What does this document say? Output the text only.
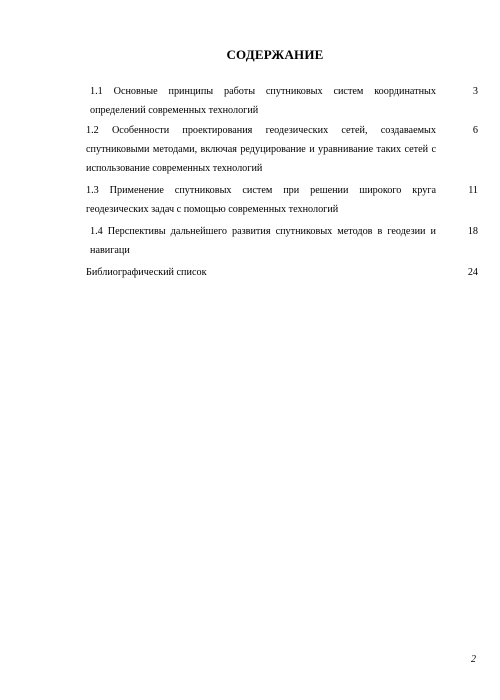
СОДЕРЖАНИЕ
1.1 Основные принципы работы спутниковых систем координатных определений современных технологий
3
1.2 Особенности проектирования геодезических сетей, создаваемых спутниковыми методами, включая редуцирование и уравнивание таких сетей с использование современных технологий
6
1.3 Применение спутниковых систем при решении широкого круга геодезических задач с помощью современных технологий
11
1.4 Перспективы дальнейшего развития спутниковых методов в геодезии и навигаци
18
Библиографический список	24
2
